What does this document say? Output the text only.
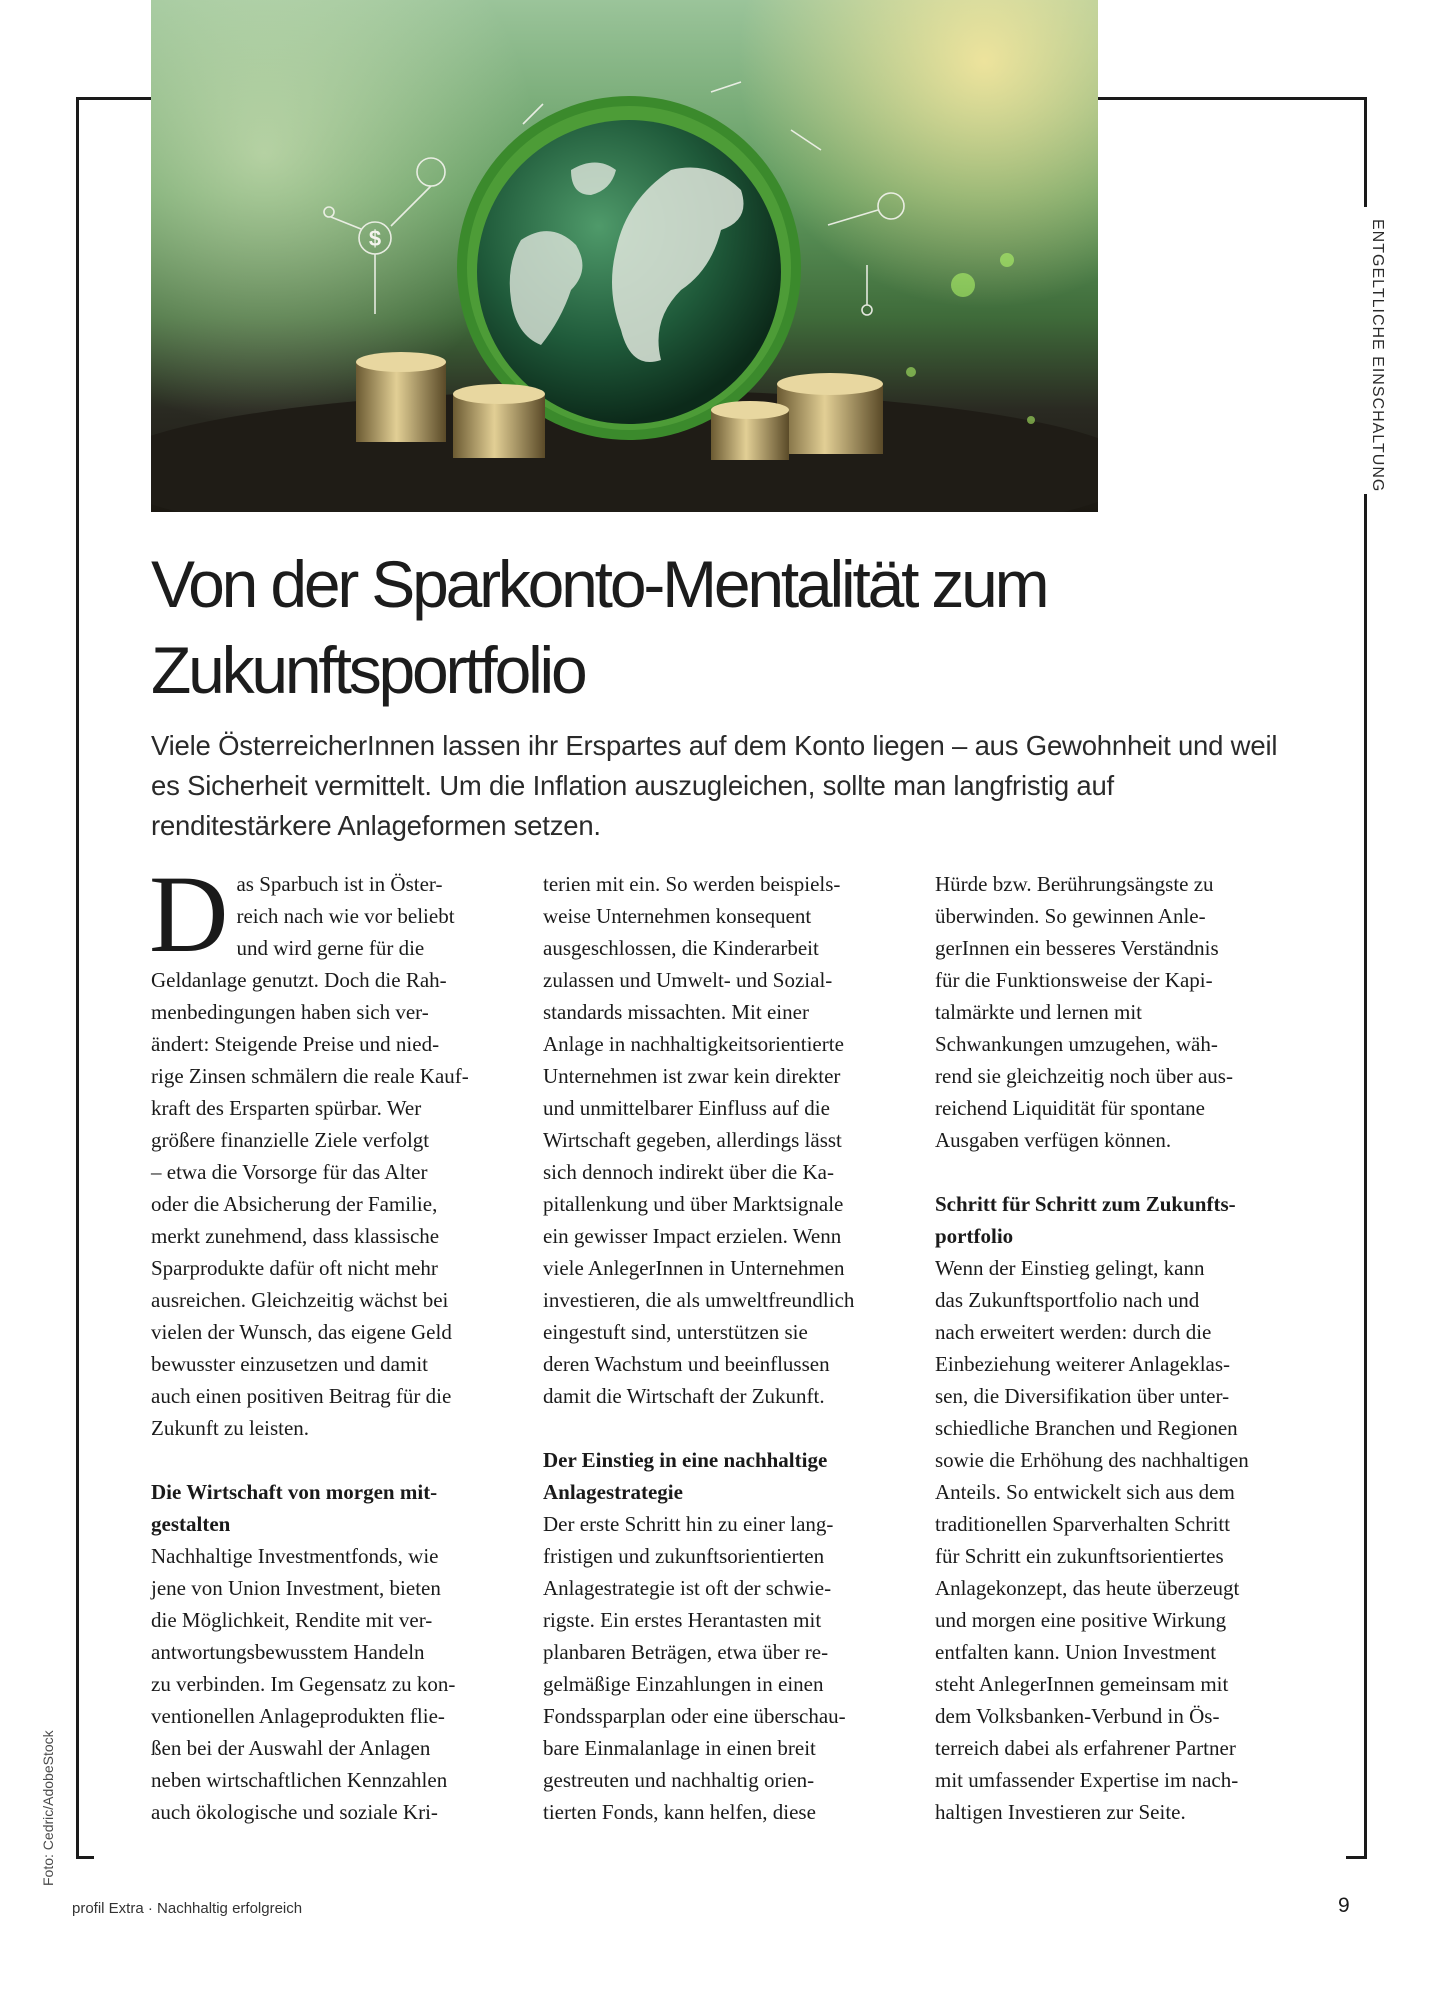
ENTGELTLICHE EINSCHALTUNG
Foto: Cedric/AdobeStock
$
Von der Sparkonto-Mentalität zum Zukunftsportfolio

Viele ÖsterreicherInnen lassen ihr Erspartes auf dem Konto liegen – aus Gewohnheit und weil es Sicherheit vermittelt. Um die Inflation auszugleichen, sollte man langfristig auf renditestärkere Anlageformen setzen.

D as Sparbuch ist in Öster-
reich nach wie vor beliebt
und wird gerne für die
Geldanlage genutzt. Doch die Rah-
menbedingungen haben sich ver-
ändert: Steigende Preise und nied-
rige Zinsen schmälern die reale Kauf-
kraft des Ersparten spürbar. Wer
größere finanzielle Ziele verfolgt
– etwa die Vorsorge für das Alter
oder die Absicherung der Familie,
merkt zunehmend, dass klassische
Sparprodukte dafür oft nicht mehr
ausreichen. Gleichzeitig wächst bei
vielen der Wunsch, das eigene Geld
bewusster einzusetzen und damit
auch einen positiven Beitrag für die
Zukunft zu leisten.

Die Wirtschaft von morgen mit-
gestalten

Nachhaltige Investmentfonds, wie
jene von Union Investment, bieten
die Möglichkeit, Rendite mit ver-
antwortungsbewusstem Handeln
zu verbinden. Im Gegensatz zu kon-
ventionellen Anlageprodukten flie-
ßen bei der Auswahl der Anlagen
neben wirtschaftlichen Kennzahlen
auch ökologische und soziale Kri-

terien mit ein. So werden beispiels-
weise Unternehmen konsequent
ausgeschlossen, die Kinderarbeit
zulassen und Umwelt- und Sozial-
standards missachten. Mit einer
Anlage in nachhaltigkeitsorientierte
Unternehmen ist zwar kein direkter
und unmittelbarer Einfluss auf die
Wirtschaft gegeben, allerdings lässt
sich dennoch indirekt über die Ka-
pitallenkung und über Marktsignale
ein gewisser Impact erzielen. Wenn
viele AnlegerInnen in Unternehmen
investieren, die als umweltfreundlich
eingestuft sind, unterstützen sie
deren Wachstum und beeinflussen
damit die Wirtschaft der Zukunft.

Der Einstieg in eine nachhaltige
Anlagestrategie

Der erste Schritt hin zu einer lang-
fristigen und zukunftsorientierten
Anlagestrategie ist oft der schwie-
rigste. Ein erstes Herantasten mit
planbaren Beträgen, etwa über re-
gelmäßige Einzahlungen in einen
Fondssparplan oder eine überschau-
bare Einmalanlage in einen breit
gestreuten und nachhaltig orien-
tierten Fonds, kann helfen, diese

Hürde bzw. Berührungsängste zu
überwinden. So gewinnen Anle-
gerInnen ein besseres Verständnis
für die Funktionsweise der Kapi-
talmärkte und lernen mit
Schwankungen umzugehen, wäh-
rend sie gleichzeitig noch über aus-
reichend Liquidität für spontane
Ausgaben verfügen können.

Schritt für Schritt zum Zukunfts-
portfolio

Wenn der Einstieg gelingt, kann
das Zukunftsportfolio nach und
nach erweitert werden: durch die
Einbeziehung weiterer Anlageklas-
sen, die Diversifikation über unter-
schiedliche Branchen und Regionen
sowie die Erhöhung des nachhaltigen
Anteils. So entwickelt sich aus dem
traditionellen Sparverhalten Schritt
für Schritt ein zukunftsorientiertes
Anlagekonzept, das heute überzeugt
und morgen eine positive Wirkung
entfalten kann. Union Investment
steht AnlegerInnen gemeinsam mit
dem Volksbanken-Verbund in Ös-
terreich dabei als erfahrener Partner
mit umfassender Expertise im nach-
haltigen Investieren zur Seite.

profil Extra · Nachhaltig erfolgreich	9
